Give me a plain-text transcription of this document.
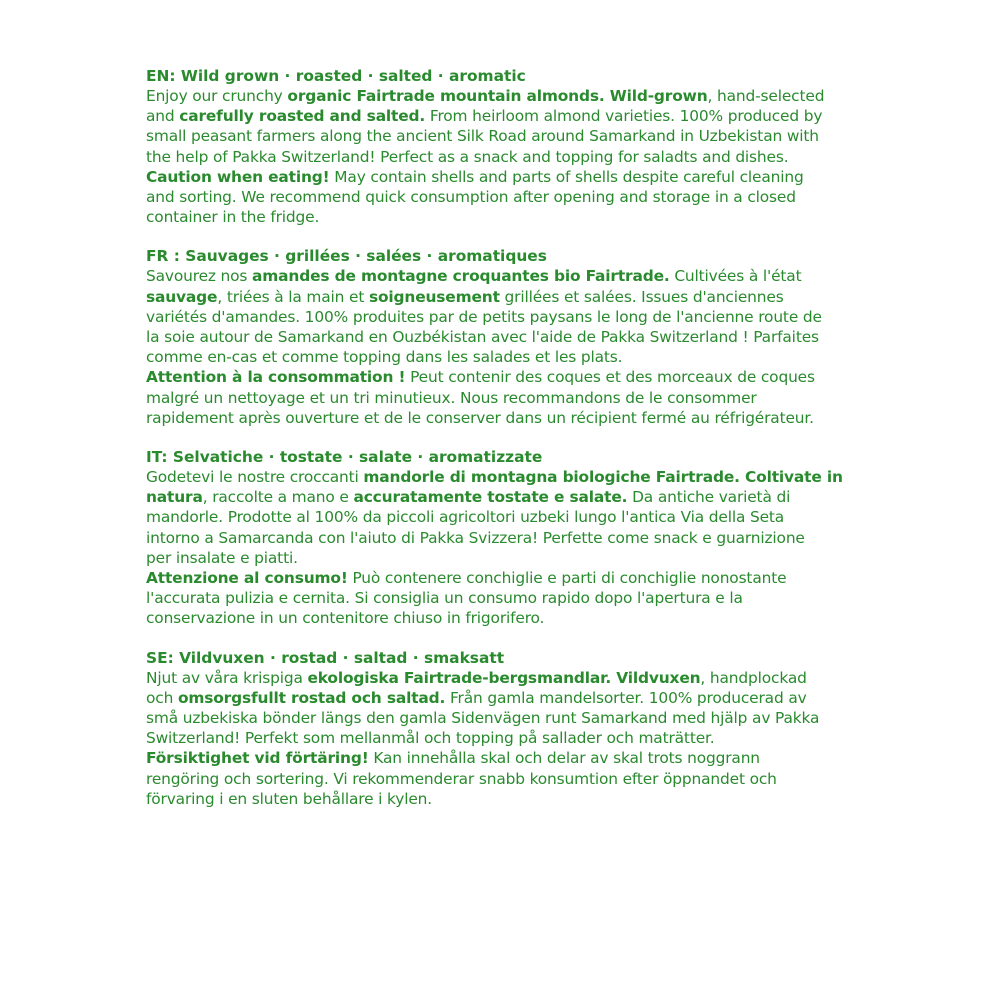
EN: Wild grown · roasted · salted · aromatic
Enjoy our crunchy organic Fairtrade mountain almonds. Wild-grown, hand-selected
and carefully roasted and salted. From heirloom almond varieties. 100% produced by
small peasant farmers along the ancient Silk Road around Samarkand in Uzbekistan with
the help of Pakka Switzerland! Perfect as a snack and topping for saladts and dishes.
Caution when eating! May contain shells and parts of shells despite careful cleaning
and sorting. We recommend quick consumption after opening and storage in a closed
container in the fridge.
FR : Sauvages · grillées · salées · aromatiques
Savourez nos amandes de montagne croquantes bio Fairtrade. Cultivées à l'état
sauvage, triées à la main et soigneusement grillées et salées. Issues d'anciennes
variétés d'amandes. 100% produites par de petits paysans le long de l'ancienne route de
la soie autour de Samarkand en Ouzbékistan avec l'aide de Pakka Switzerland ! Parfaites
comme en-cas et comme topping dans les salades et les plats.
Attention à la consommation ! Peut contenir des coques et des morceaux de coques
malgré un nettoyage et un tri minutieux. Nous recommandons de le consommer
rapidement après ouverture et de le conserver dans un récipient fermé au réfrigérateur.
IT: Selvatiche · tostate · salate · aromatizzate
Godetevi le nostre croccanti mandorle di montagna biologiche Fairtrade. Coltivate in
natura, raccolte a mano e accuratamente tostate e salate. Da antiche varietà di
mandorle. Prodotte al 100% da piccoli agricoltori uzbeki lungo l'antica Via della Seta
intorno a Samarcanda con l'aiuto di Pakka Svizzera! Perfette come snack e guarnizione
per insalate e piatti.
Attenzione al consumo! Può contenere conchiglie e parti di conchiglie nonostante
l'accurata pulizia e cernita. Si consiglia un consumo rapido dopo l'apertura e la
conservazione in un contenitore chiuso in frigorifero.
SE: Vildvuxen · rostad · saltad · smaksatt
Njut av våra krispiga ekologiska Fairtrade-bergsmandlar. Vildvuxen, handplockad
och omsorgsfullt rostad och saltad. Från gamla mandelsorter. 100% producerad av
små uzbekiska bönder längs den gamla Sidenvägen runt Samarkand med hjälp av Pakka
Switzerland! Perfekt som mellanmål och topping på sallader och maträtter.
Försiktighet vid förtäring! Kan innehålla skal och delar av skal trots noggrann
rengöring och sortering. Vi rekommenderar snabb konsumtion efter öppnandet och
förvaring i en sluten behållare i kylen.
